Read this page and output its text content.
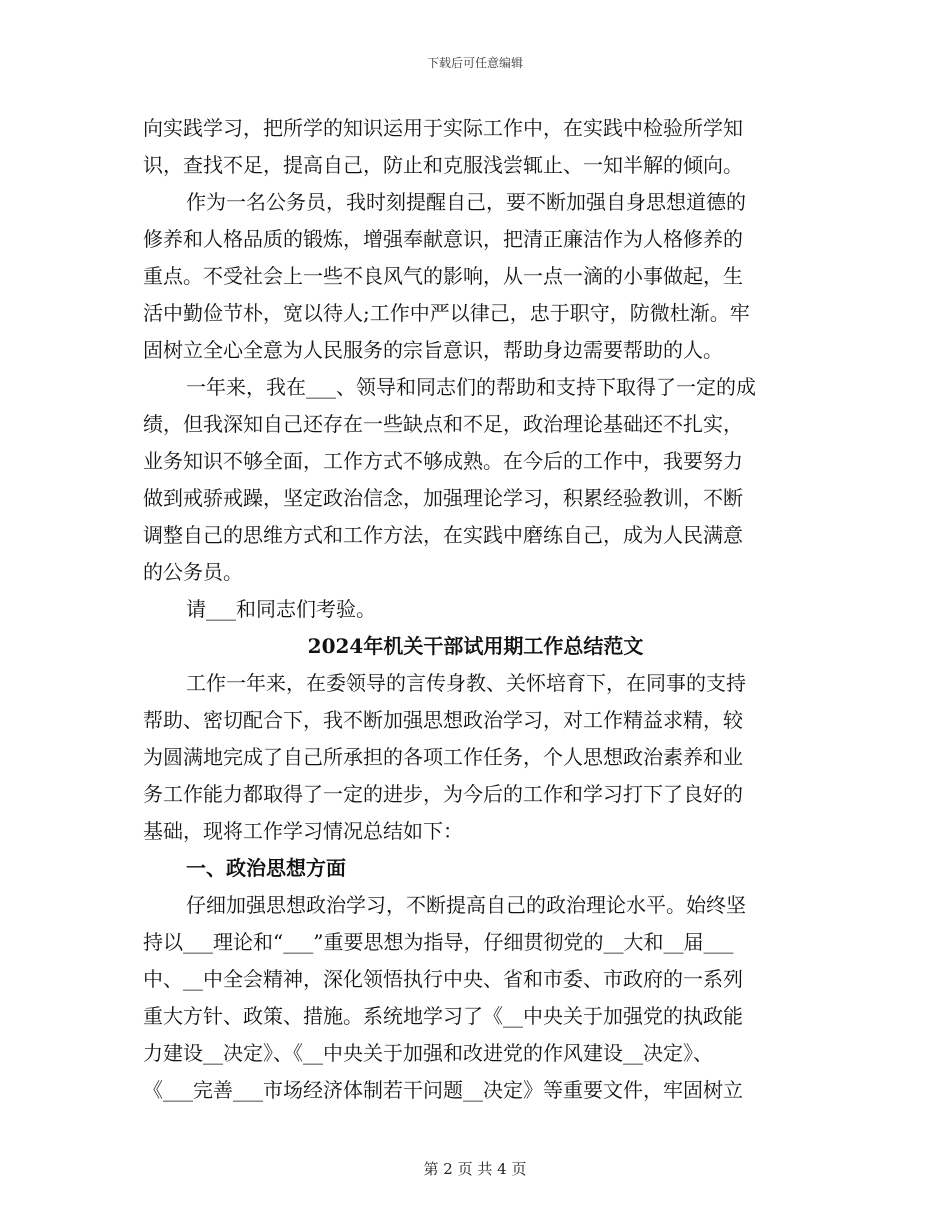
下载后可任意编辑
向实践学习，把所学的知识运用于实际工作中，在实践中检验所学知
识，查找不足，提高自己，防止和克服浅尝辄止、一知半解的倾向。
作为一名公务员，我时刻提醒自己，要不断加强自身思想道德的
修养和人格品质的锻炼，增强奉献意识，把清正廉洁作为人格修养的
重点。不受社会上一些不良风气的影响，从一点一滴的小事做起，生
活中勤俭节朴，宽以待人;工作中严以律己，忠于职守，防微杜渐。牢
固树立全心全意为人民服务的宗旨意识，帮助身边需要帮助的人。
一年来，我在___、领导和同志们的帮助和支持下取得了一定的成
绩，但我深知自己还存在一些缺点和不足，政治理论基础还不扎实，
业务知识不够全面，工作方式不够成熟。在今后的工作中，我要努力
做到戒骄戒躁，坚定政治信念，加强理论学习，积累经验教训，不断
调整自己的思维方式和工作方法，在实践中磨练自己，成为人民满意
的公务员。
请___和同志们考验。
2024年机关干部试用期工作总结范文
工作一年来，在委领导的言传身教、关怀培育下，在同事的支持
帮助、密切配合下，我不断加强思想政治学习，对工作精益求精，较
为圆满地完成了自己所承担的各项工作任务，个人思想政治素养和业
务工作能力都取得了一定的进步，为今后的工作和学习打下了良好的
基础，现将工作学习情况总结如下：
一、政治思想方面
仔细加强思想政治学习，不断提高自己的政治理论水平。始终坚
持以___理论和“___”重要思想为指导，仔细贯彻党的__大和__届___
中、__中全会精神，深化领悟执行中央、省和市委、市政府的一系列
重大方针、政策、措施。系统地学习了《__中央关于加强党的执政能
力建设__决定》、《__中央关于加强和改进党的作风建设__决定》、
《___完善___市场经济体制若干问题__决定》等重要文件，牢固树立
第 2 页 共 4 页
